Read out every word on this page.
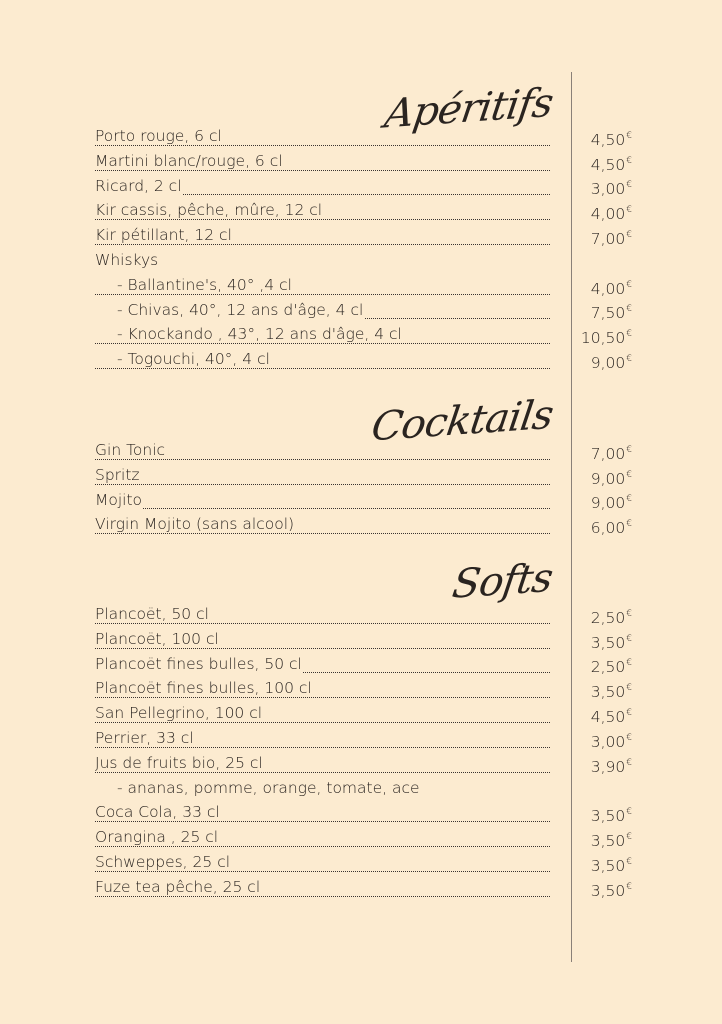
Apéritifs
Porto rouge, 6 cl	4,50€
Martini blanc/rouge, 6 cl	4,50€
Ricard, 2 cl	3,00€
Kir cassis, pêche, mûre, 12 cl	4,00€
Kir pétillant, 12 cl	7,00€
Whiskys
- Ballantine's, 40° ,4 cl	4,00€
- Chivas, 40°, 12 ans d'âge, 4 cl	7,50€
- Knockando , 43°, 12 ans d'âge, 4 cl	10,50€
- Togouchi, 40°, 4 cl	9,00€
Cocktails
Gin Tonic	7,00€
Spritz	9,00€
Mojito	9,00€
Virgin Mojito (sans alcool)	6,00€
Softs
Plancoët, 50 cl	2,50€
Plancoët, 100 cl	3,50€
Plancoët fines bulles, 50 cl	2,50€
Plancoët fines bulles, 100 cl	3,50€
San Pellegrino, 100 cl	4,50€
Perrier, 33 cl	3,00€
Jus de fruits bio, 25 cl	3,90€
- ananas, pomme, orange, tomate, ace
Coca Cola, 33 cl	3,50€
Orangina , 25 cl	3,50€
Schweppes, 25 cl	3,50€
Fuze tea pêche, 25 cl	3,50€
